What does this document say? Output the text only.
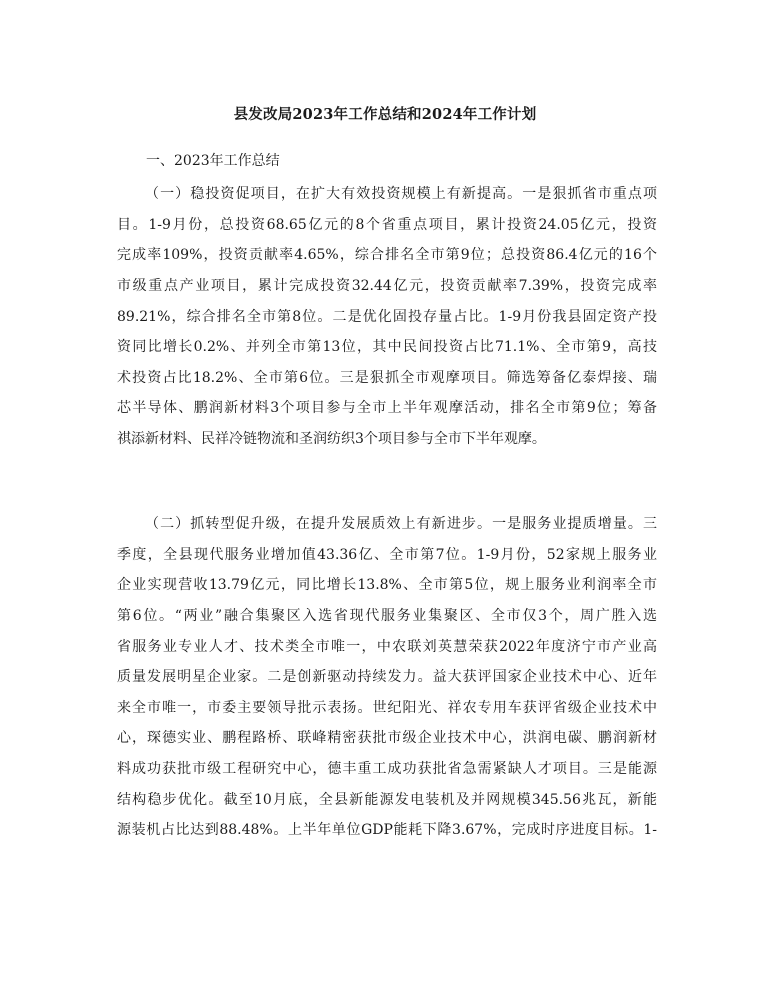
县发改局2023年工作总结和2024年工作计划
一、2023年工作总结
（一）稳投资促项目，在扩大有效投资规模上有新提高。一是狠抓省市重点项
目。1-9月份，总投资68.65亿元的8个省重点项目，累计投资24.05亿元，投资
完成率109%，投资贡献率4.65%，综合排名全市第9位；总投资86.4亿元的16个
市级重点产业项目，累计完成投资32.44亿元，投资贡献率7.39%，投资完成率
89.21%，综合排名全市第8位。二是优化固投存量占比。1-9月份我县固定资产投
资同比增长0.2%、并列全市第13位，其中民间投资占比71.1%、全市第9，高技
术投资占比18.2%、全市第6位。三是狠抓全市观摩项目。筛选筹备亿泰焊接、瑞
芯半导体、鹏润新材料3个项目参与全市上半年观摩活动，排名全市第9位；筹备
祺添新材料、民祥冷链物流和圣润纺织3个项目参与全市下半年观摩。
（二）抓转型促升级，在提升发展质效上有新进步。一是服务业提质增量。三
季度，全县现代服务业增加值43.36亿、全市第7位。1-9月份，52家规上服务业
企业实现营收13.79亿元，同比增长13.8%、全市第5位，规上服务业利润率全市
第6位。“两业”融合集聚区入选省现代服务业集聚区、全市仅3个，周广胜入选
省服务业专业人才、技术类全市唯一，中农联刘英慧荣获2022年度济宁市产业高
质量发展明星企业家。二是创新驱动持续发力。益大获评国家企业技术中心、近年
来全市唯一，市委主要领导批示表扬。世纪阳光、祥农专用车获评省级企业技术中
心，琛德实业、鹏程路桥、联峰精密获批市级企业技术中心，洪润电碳、鹏润新材
料成功获批市级工程研究中心，德丰重工成功获批省急需紧缺人才项目。三是能源
结构稳步优化。截至10月底，全县新能源发电装机及并网规模345.56兆瓦，新能
源装机占比达到88.48%。上半年单位GDP能耗下降3.67%，完成时序进度目标。1-
